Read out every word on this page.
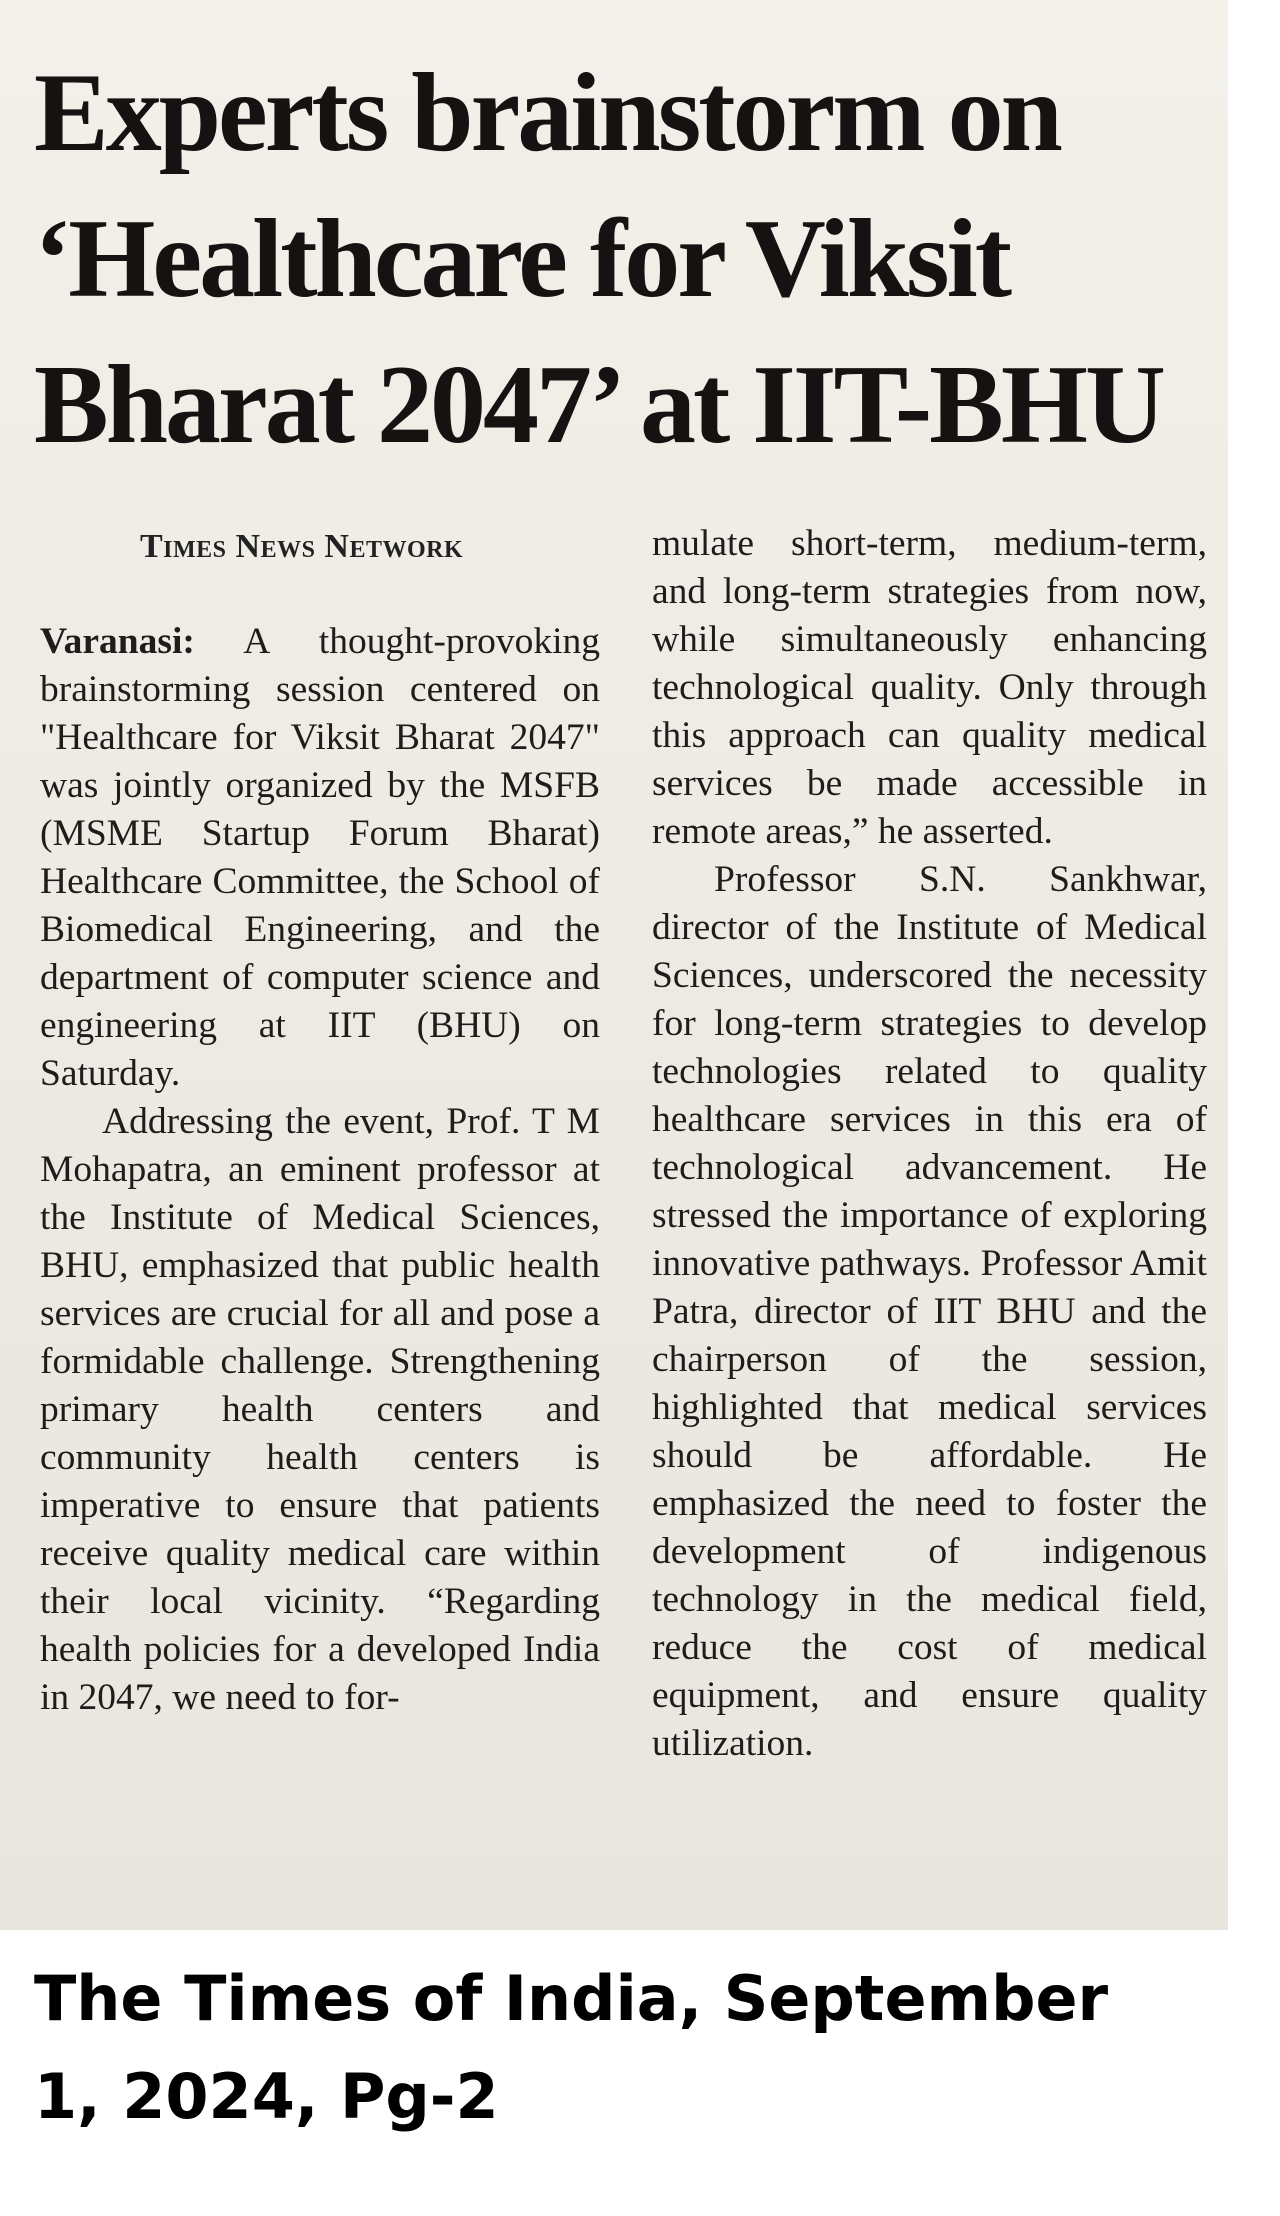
Experts brainstorm on
‘Healthcare for Viksit
Bharat 2047’ at IIT-BHU
Times News Network

Varanasi: A thought-provoking brainstorming session centered on "Healthcare for Viksit Bharat 2047" was jointly organized by the MSFB (MSME Startup Forum Bharat) Healthcare Committee, the School of Biomedical Engineering, and the department of computer science and engineering at IIT (BHU) on Saturday.

Addressing the event, Prof. T M Mohapatra, an eminent professor at the Institute of Medical Sciences, BHU, emphasized that public health services are crucial for all and pose a formidable challenge. Strengthening primary health centers and community health centers is imperative to ensure that patients receive quality medical care within their local vicinity. “Regarding health policies for a developed India in 2047, we need to for-

mulate short-term, medium-term, and long-term strategies from now, while simultaneously enhancing technological quality. Only through this approach can quality medical services be made accessible in remote areas,” he asserted.

Professor S.N. Sankhwar, director of the Institute of Medical Sciences, underscored the necessity for long-term strategies to develop technologies related to quality healthcare services in this era of technological advancement. He stressed the importance of exploring innovative pathways. Professor Amit Patra, director of IIT BHU and the chairperson of the session, highlighted that medical services should be affordable. He emphasized the need to foster the development of indigenous technology in the medical field, reduce the cost of medical equipment, and ensure quality utilization.

The Times of India, September
1, 2024, Pg-2
